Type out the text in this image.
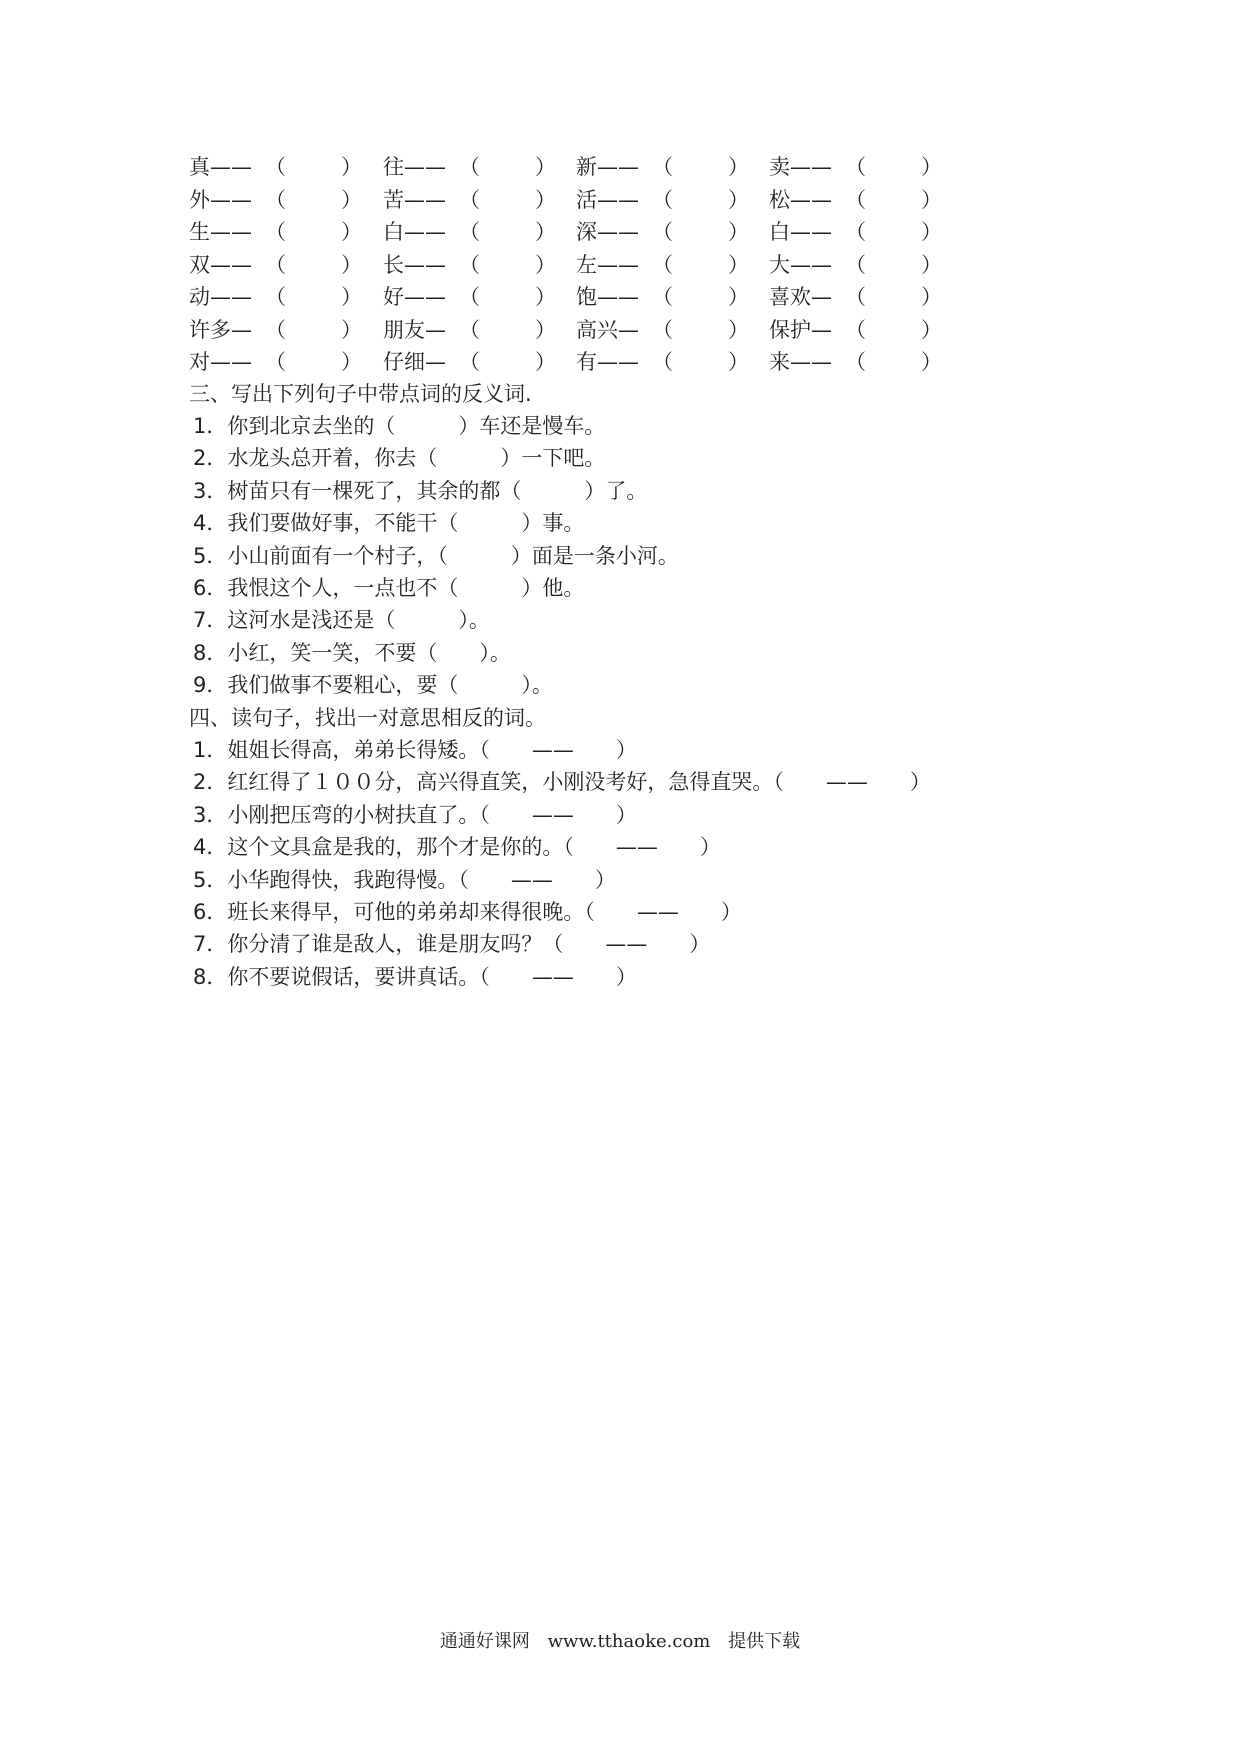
真—— （	） 往—— （	） 新—— （	） 卖—— （	）
外—— （	） 苦—— （	） 活—— （	） 松—— （	）
生—— （	） 白—— （	） 深—— （	） 白—— （	）
双—— （	） 长—— （	） 左—— （	） 大—— （	）
动—— （	） 好—— （	） 饱—— （	） 喜欢— （	）
许多— （	） 朋友— （	） 高兴— （	） 保护— （	）
对—— （	） 仔细— （	） 有—— （	） 来—— （	）
三、写出下列句子中带点词的反义词.
1．你到北京去坐的（　　　）车还是慢车。
2．水龙头总开着，你去（　　　）一下吧。
3．树苗只有一棵死了，其余的都（　　　）了。
4．我们要做好事，不能干（　　　）事。
5．小山前面有一个村子，（　　　）面是一条小河。
6．我恨这个人，一点也不（　　　）他。
7．这河水是浅还是（　　　）。
8．小红，笑一笑，不要（　　）。
9．我们做事不要粗心，要（　　　）。
四、读句子，找出一对意思相反的词。
1．姐姐长得高，弟弟长得矮。（　　——　　）
2．红红得了１００分，高兴得直笑，小刚没考好，急得直哭。（　　——　　）
3．小刚把压弯的小树扶直了。（　　——　　）
4．这个文具盒是我的，那个才是你的。（　　——　　）
5．小华跑得快，我跑得慢。（　　——　　）
6．班长来得早，可他的弟弟却来得很晚。（　　——　　）
7．你分清了谁是敌人，谁是朋友吗？（　　——　　）
8．你不要说假话，要讲真话。（　　——　　）
通通好课网 www.tthaoke.com 提供下载
